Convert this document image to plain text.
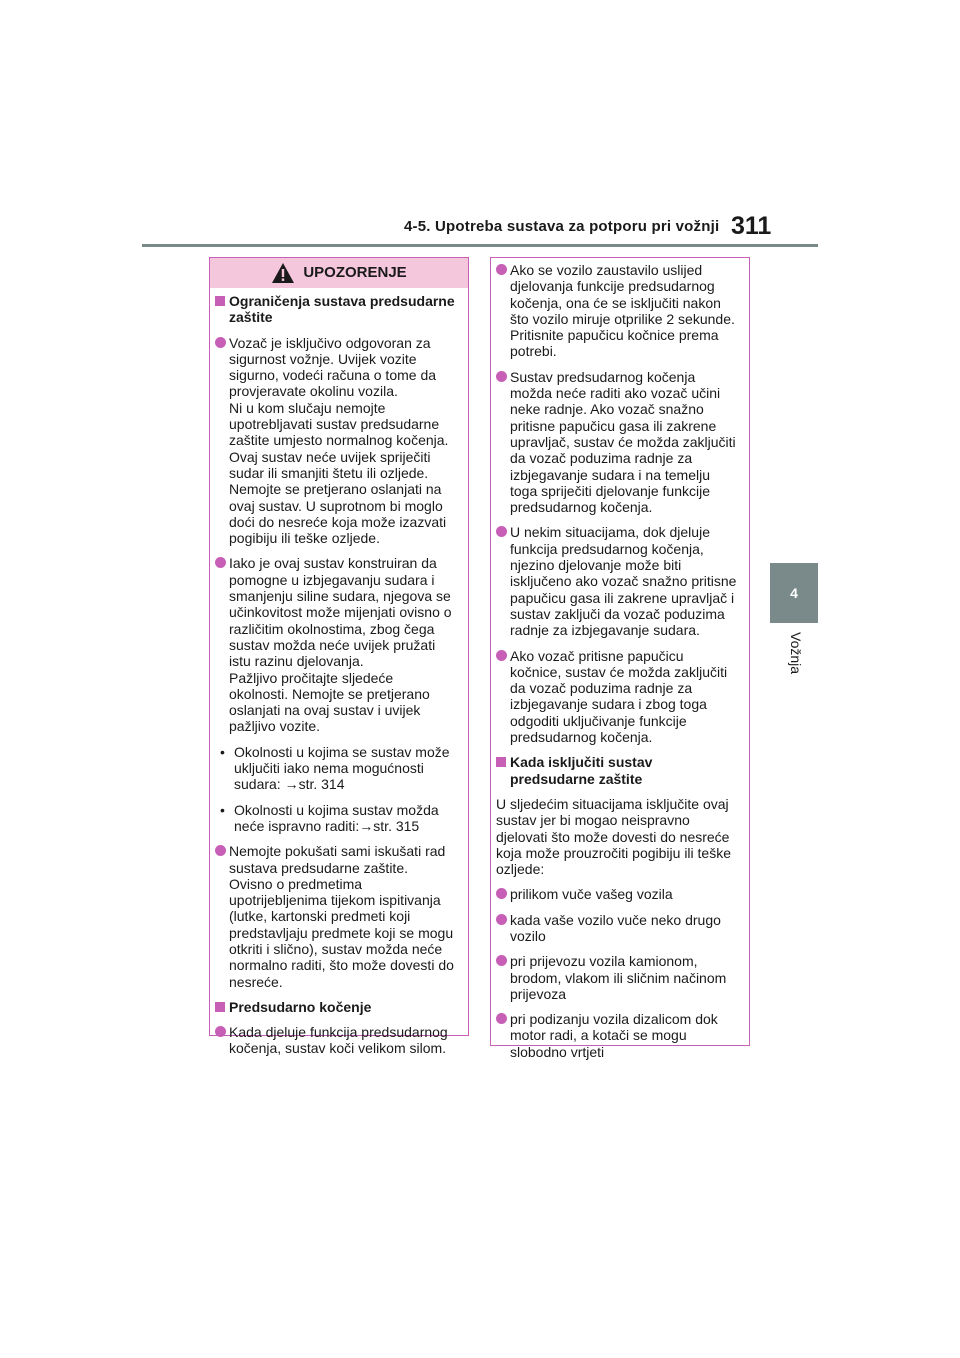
4-5. Upotreba sustava za potporu pri vožnji 311
4
Vožnja
UPOZORENJE
Ograničenja sustava predsudarne
zaštite
Vozač je isključivo odgovoran za
sigurnost vožnje. Uvijek vozite
sigurno, vodeći računa o tome da
provjeravate okolinu vozila.
Ni u kom slučaju nemojte
upotrebljavati sustav predsudarne
zaštite umjesto normalnog kočenja.
Ovaj sustav neće uvijek spriječiti
sudar ili smanjiti štetu ili ozljede.
Nemojte se pretjerano oslanjati na
ovaj sustav. U suprotnom bi moglo
doći do nesreće koja može izazvati
pogibiju ili teške ozljede.
Iako je ovaj sustav konstruiran da
pomogne u izbjegavanju sudara i
smanjenju siline sudara, njegova se
učinkovitost može mijenjati ovisno o
različitim okolnostima, zbog čega
sustav možda neće uvijek pružati
istu razinu djelovanja.
Pažljivo pročitajte sljedeće
okolnosti. Nemojte se pretjerano
oslanjati na ovaj sustav i uvijek
pažljivo vozite.
• Okolnosti u kojima se sustav može
uključiti iako nema mogućnosti
sudara: →str. 314
• Okolnosti u kojima sustav možda
neće ispravno raditi:→str. 315
Nemojte pokušati sami iskušati rad
sustava predsudarne zaštite.
Ovisno o predmetima
upotrijebljenima tijekom ispitivanja
(lutke, kartonski predmeti koji
predstavljaju predmete koji se mogu
otkriti i slično), sustav možda neće
normalno raditi, što može dovesti do
nesreće.
Predsudarno kočenje
Kada djeluje funkcija predsudarnog
kočenja, sustav koči velikom silom.
Ako se vozilo zaustavilo uslijed
djelovanja funkcije predsudarnog
kočenja, ona će se isključiti nakon
što vozilo miruje otprilike 2 sekunde.
Pritisnite papučicu kočnice prema
potrebi.
Sustav predsudarnog kočenja
možda neće raditi ako vozač učini
neke radnje. Ako vozač snažno
pritisne papučicu gasa ili zakrene
upravljač, sustav će možda zaključiti
da vozač poduzima radnje za
izbjegavanje sudara i na temelju
toga spriječiti djelovanje funkcije
predsudarnog kočenja.
U nekim situacijama, dok djeluje
funkcija predsudarnog kočenja,
njezino djelovanje može biti
isključeno ako vozač snažno pritisne
papučicu gasa ili zakrene upravljač i
sustav zaključi da vozač poduzima
radnje za izbjegavanje sudara.
Ako vozač pritisne papučicu
kočnice, sustav će možda zaključiti
da vozač poduzima radnje za
izbjegavanje sudara i zbog toga
odgoditi uključivanje funkcije
predsudarnog kočenja.
Kada isključiti sustav
predsudarne zaštite
U sljedećim situacijama isključite ovaj
sustav jer bi mogao neispravno
djelovati što može dovesti do nesreće
koja može prouzročiti pogibiju ili teške
ozljede:
prilikom vuče vašeg vozila
kada vaše vozilo vuče neko drugo
vozilo
pri prijevozu vozila kamionom,
brodom, vlakom ili sličnim načinom
prijevoza
pri podizanju vozila dizalicom dok
motor radi, a kotači se mogu
slobodno vrtjeti
